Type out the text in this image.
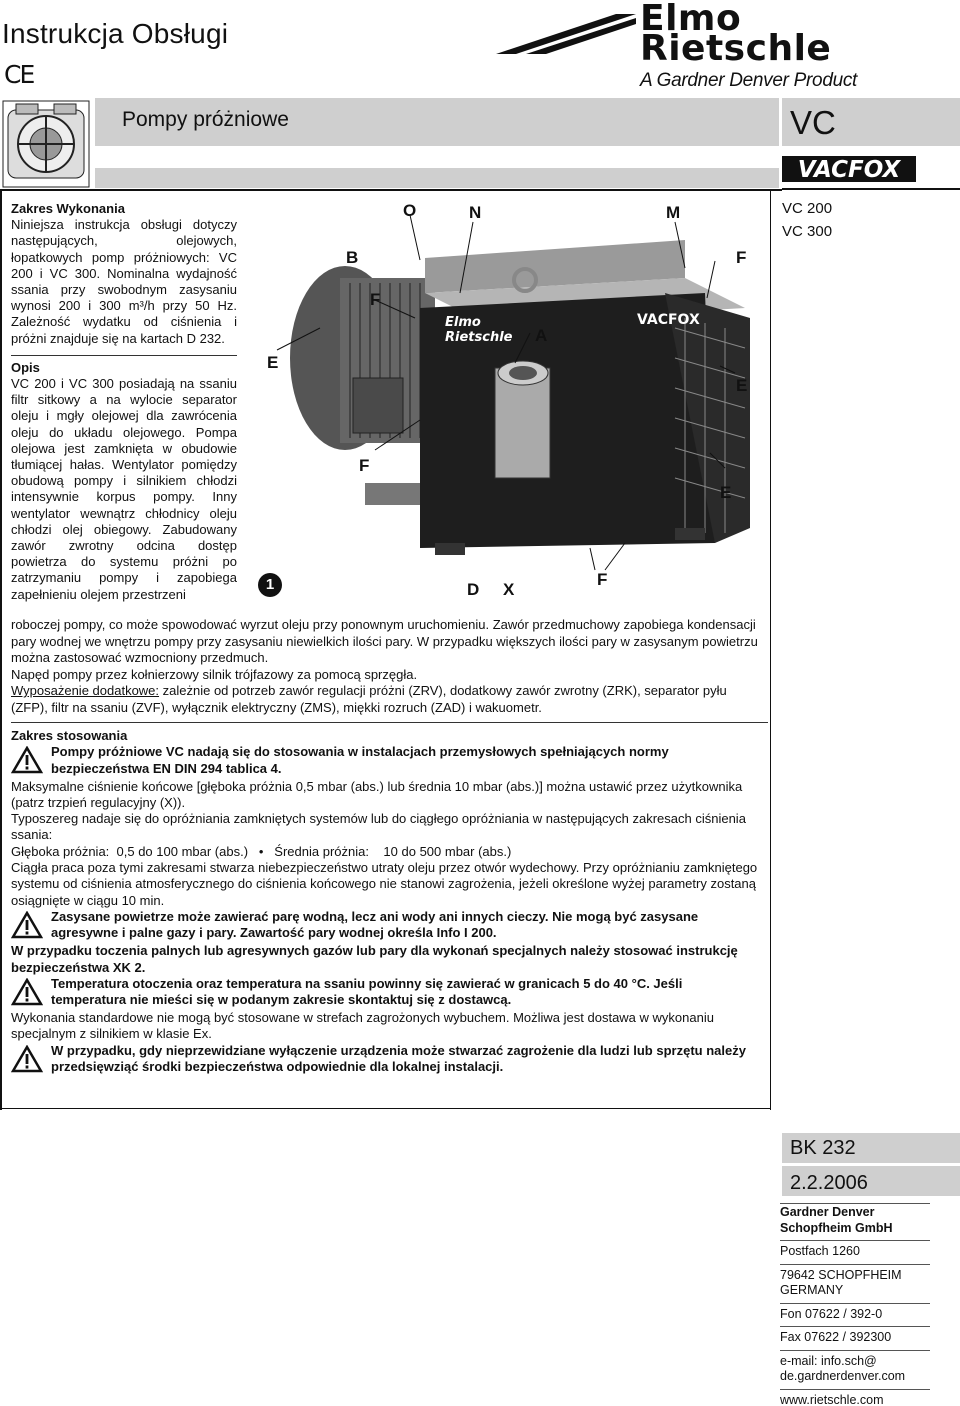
Instrukcja Obsługi
CE
Elmo
Rietschle
A Gardner Denver Product
Pompy próżniowe	VC
VACFOX
VC 200
VC 300
Zakres Wykonania

Niniejsza instrukcja obsługi dotyczy następujących, olejowych, łopatkowych pomp próżniowych: VC 200 i VC 300. Nominalna wydajność ssania przy swobodnym zasysaniu wynosi 200 i 300 m³/h przy 50 Hz. Zależność wydatku od ciśnienia i próżni znajduje się na kartach D 232.

Opis

VC 200 i VC 300 posiadają na ssaniu filtr sitkowy a na wylocie separator oleju i mgły olejowej dla zawrócenia oleju do układu olejowego. Pompa olejowa jest zamknięta w obudowie tłumiącej hałas. Wentylator pomiędzy obudową pompy i silnikiem chłodzi intensywnie korpus pompy. Inny wentylator wewnątrz chłodnicy oleju chłodzi olej obiegowy. Zabudowany zawór zwrotny odcina dostęp powietrza do systemu próżni po zatrzymaniu pompy i zapobiega zapełnieniu olejem przestrzeni

Elmo
Rietschle
VACFOX
O	N	M
B	F
F
A
E
E
F
E
F
D X
1

roboczej pompy, co może spowodować wyrzut oleju przy ponownym uruchomieniu. Zawór przedmuchowy zapobiega kondensacji pary wodnej we wnętrzu pompy przy zasysaniu niewielkich ilości pary. W przypadku większych ilości pary w zasysanym powietrzu można zastosować wzmocniony przedmuch.

Napęd pompy przez kołnierzowy silnik trójfazowy za pomocą sprzęgła.

Wyposażenie dodatkowe: zależnie od potrzeb zawór regulacji próżni (ZRV), dodatkowy zawór zwrotny (ZRK), separator pyłu (ZFP), filtr na ssaniu (ZVF), wyłącznik elektryczny (ZMS), miękki rozruch (ZAD) i wakuometr.

Zakres stosowania
Pompy próżniowe VC nadają się do stosowania w instalacjach przemysłowych spełniających normy bezpieczeństwa EN DIN 294 tablica 4.

Maksymalne ciśnienie końcowe [głęboka próżnia 0,5 mbar (abs.) lub średnia 10 mbar (abs.)] można ustawić przez użytkownika (patrz trzpień regulacyjny (X)).

Typoszereg nadaje się do opróżniania zamkniętych systemów lub do ciągłego opróżniania w następujących zakresach ciśnienia ssania:

Głęboka próżnia: 0,5 do 100 mbar (abs.) • Średnia próżnia: 10 do 500 mbar (abs.)

Ciągła praca poza tymi zakresami stwarza niebezpieczeństwo utraty oleju przez otwór wydechowy. Przy opróżnianiu zamkniętego systemu od ciśnienia atmosferycznego do ciśnienia końcowego nie stanowi zagrożenia, jeżeli określone wyżej parametry zostaną osiągnięte w ciągu 10 min.

Zasysane powietrze może zawierać parę wodną, lecz ani wody ani innych cieczy. Nie mogą być zasysane agresywne i palne gazy i pary. Zawartość pary wodnej określa Info I 200.

W przypadku toczenia palnych lub agresywnych gazów lub pary dla wykonań specjalnych należy stosować instrukcję bezpieczeństwa XK 2.

Temperatura otoczenia oraz temperatura na ssaniu powinny się zawierać w granicach 5 do 40 °C. Jeśli temperatura nie mieści się w podanym zakresie skontaktuj się z dostawcą.

Wykonania standardowe nie mogą być stosowane w strefach zagrożonych wybuchem. Możliwa jest dostawa w wykonaniu specjalnym z silnikiem w klasie Ex.

W przypadku, gdy nieprzewidziane wyłączenie urządzenia może stwarzać zagrożenie dla ludzi lub sprzętu należy przedsięwziąć środki bezpieczeństwa odpowiednie dla lokalnej instalacji.
BK 232
2.2.2006
Gardner Denver
Schopfheim GmbH
Postfach 1260
79642 SCHOPFHEIM
GERMANY
Fon 07622 / 392-0
Fax 07622 / 392300
e-mail: info.sch@
de.gardnerdenver.com
www.rietschle.com
